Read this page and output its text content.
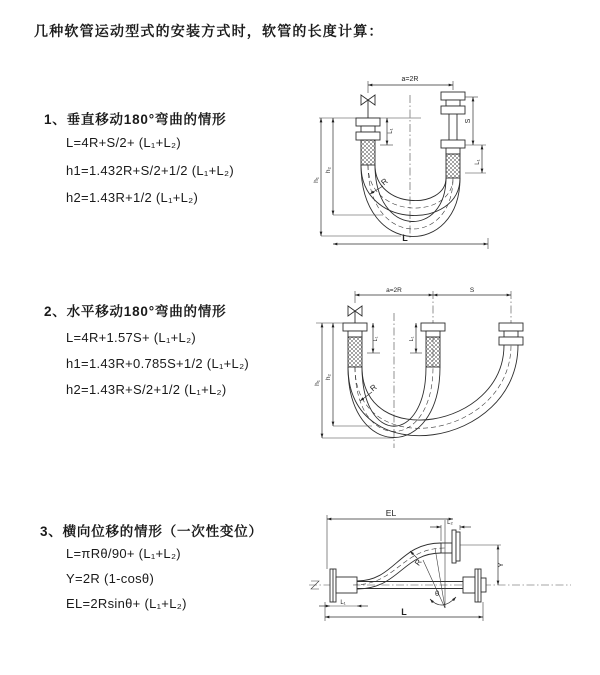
几种软管运动型式的安装方式时，软管的长度计算：
1、垂直移动180°弯曲的情形
L=4R+S/2+ (L₁+L₂)
h1=1.432R+S/2+1/2 (L₁+L₂)
h2=1.43R+1/2 (L₁+L₂)
2、水平移动180°弯曲的情形
L=4R+1.57S+ (L₁+L₂)
h1=1.43R+0.785S+1/2 (L₁+L₂)
h2=1.43R+S/2+1/2 (L₁+L₂)
3、横向位移的情形（一次性变位）
L=πRθ/90+ (L₁+L₂)
Y=2R (1-cosθ)
EL=2Rsinθ+ (L₁+L₂)
a=2R
L₁
S
L₁
h₁
h₂
R
L
a=2R	S
L₁	L₁
h₁
h₂
R
θ
R
EL
L₂
Y
L₁
L
